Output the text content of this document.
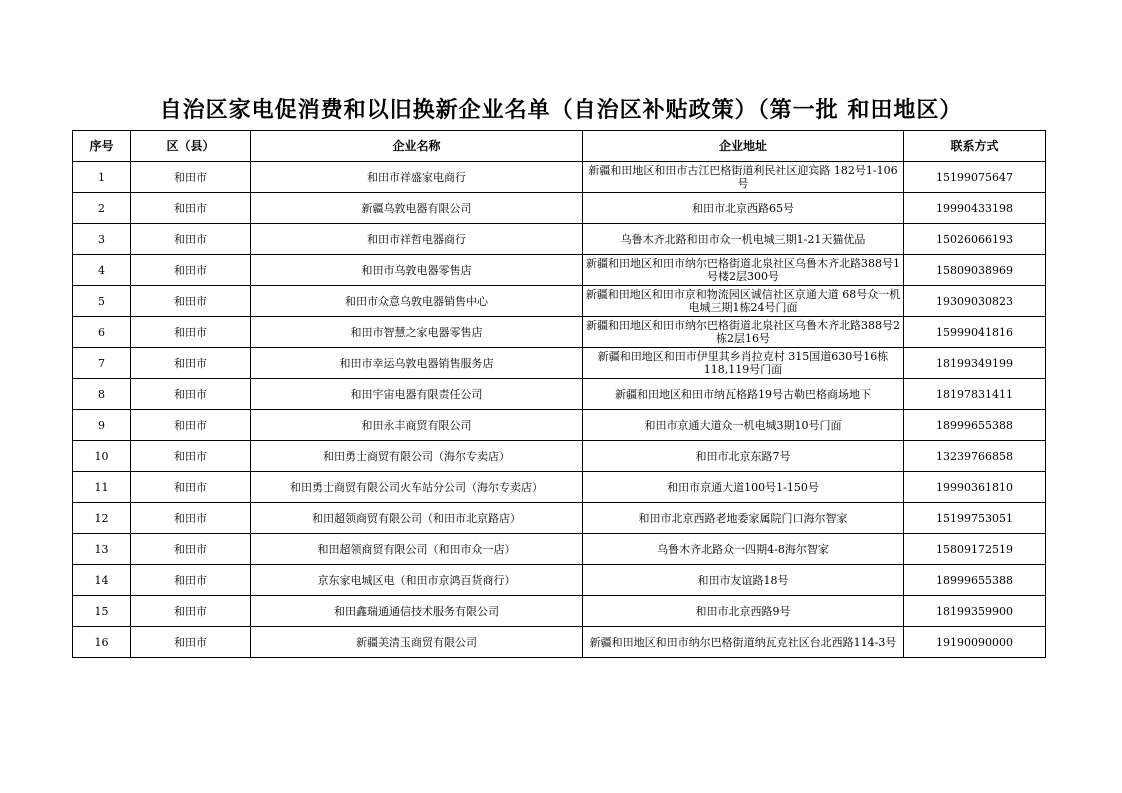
自治区家电促消费和以旧换新企业名单（自治区补贴政策）（第一批 和田地区）
序号	区（县）	企业名称	企业地址	联系方式
1	和田市	和田市祥盛家电商行	新疆和田地区和田市古江巴格街道利民社区迎宾路 182号1-106号	15199075647
2	和田市	新疆乌敦电器有限公司	和田市北京西路65号	19990433198
3	和田市	和田市祥哲电器商行	乌鲁木齐北路和田市众一机电城三期1-21天猫优品	15026066193
4	和田市	和田市乌敦电器零售店	新疆和田地区和田市纳尔巴格街道北泉社区乌鲁木齐北路388号1号楼2层300号	15809038969
5	和田市	和田市众意乌敦电器销售中心	新疆和田地区和田市京和物流园区诚信社区京通大道 68号众一机电城三期1栋24号门面	19309030823
6	和田市	和田市智慧之家电器零售店	新疆和田地区和田市纳尔巴格街道北泉社区乌鲁木齐北路388号2栋2层16号	15999041816
7	和田市	和田市幸运乌敦电器销售服务店	新疆和田地区和田市伊里其乡肖拉克村 315国道630号16栋118,119号门面	18199349199
8	和田市	和田宇宙电器有限责任公司	新疆和田地区和田市纳瓦格路19号古勒巴格商场地下	18197831411
9	和田市	和田永丰商贸有限公司	和田市京通大道众一机电城3期10号门面	18999655388
10	和田市	和田勇士商贸有限公司（海尔专卖店）	和田市北京东路7号	13239766858
11	和田市	和田勇士商贸有限公司火车站分公司（海尔专卖店）	和田市京通大道100号1-150号	19990361810
12	和田市	和田超领商贸有限公司（和田市北京路店）	和田市北京西路老地委家属院门口海尔智家	15199753051
13	和田市	和田超领商贸有限公司（和田市众一店）	乌鲁木齐北路众一四期4-8海尔智家	15809172519
14	和田市	京东家电城区电（和田市京鸿百货商行）	和田市友谊路18号	18999655388
15	和田市	和田鑫瑞通通信技术服务有限公司	和田市北京西路9号	18199359900
16	和田市	新疆美清玉商贸有限公司	新疆和田地区和田市纳尔巴格街道纳瓦克社区台北西路114-3号	19190090000
